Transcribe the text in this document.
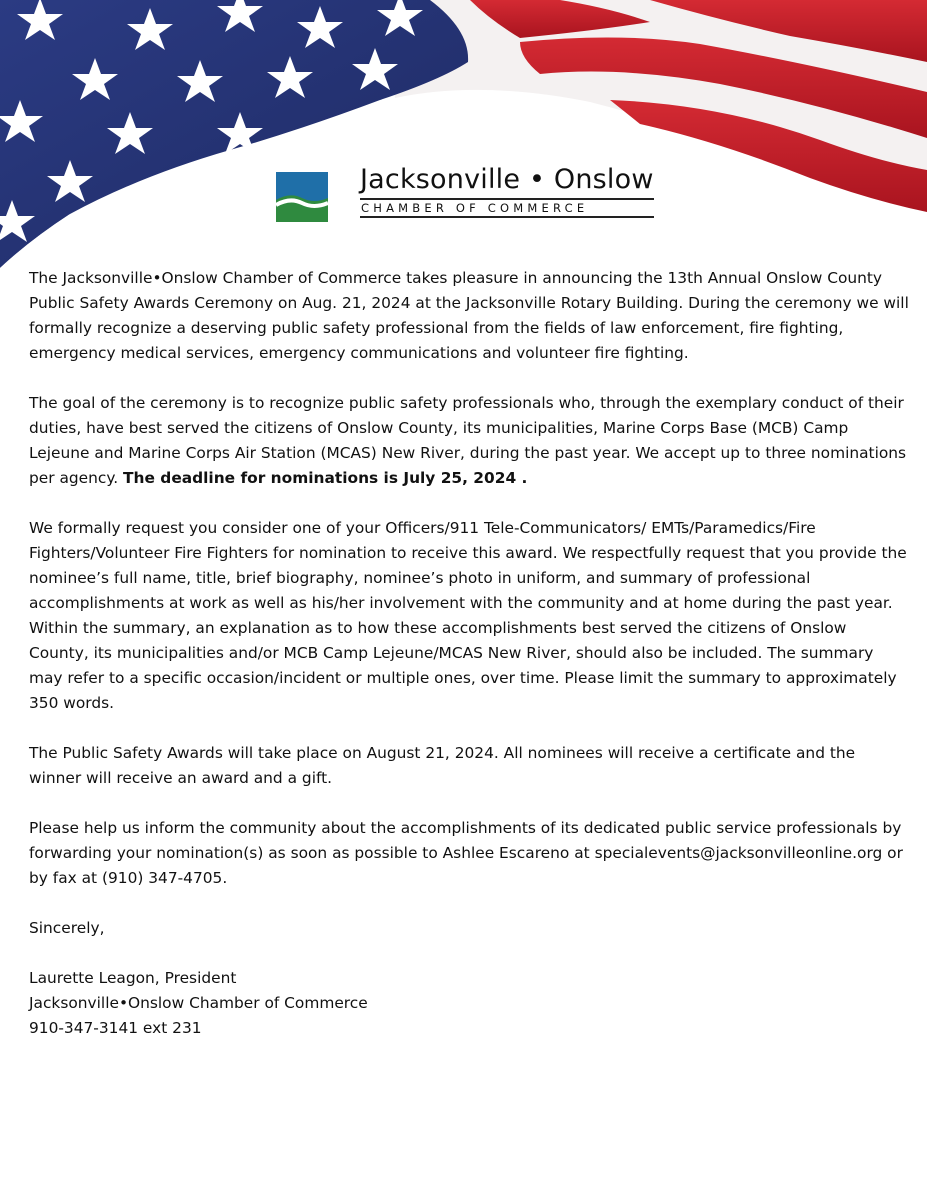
Jacksonville • Onslow
CHAMBER OF COMMERCE

The Jacksonville•Onslow Chamber of Commerce takes pleasure in announcing the 13th Annual Onslow County Public Safety Awards Ceremony on Aug. 21, 2024 at the Jacksonville Rotary Building. During the ceremony we will formally recognize a deserving public safety professional from the fields of law enforcement, fire fighting, emergency medical services, emergency communications and volunteer fire fighting.

The goal of the ceremony is to recognize public safety professionals who, through the exemplary conduct of their duties, have best served the citizens of Onslow County, its municipalities, Marine Corps Base (MCB) Camp Lejeune and Marine Corps Air Station (MCAS) New River, during the past year. We accept up to three nominations per agency. The deadline for nominations is July 25, 2024 .

We formally request you consider one of your Officers/911 Tele-Communicators/ EMTs/Paramedics/Fire Fighters/Volunteer Fire Fighters for nomination to receive this award. We respectfully request that you provide the nominee’s full name, title, brief biography, nominee’s photo in uniform, and summary of professional accomplishments at work as well as his/her involvement with the community and at home during the past year. Within the summary, an explanation as to how these accomplishments best served the citizens of Onslow County, its municipalities and/or MCB Camp Lejeune/MCAS New River, should also be included. The summary may refer to a specific occasion/incident or multiple ones, over time. Please limit the summary to approximately 350 words.

The Public Safety Awards will take place on August 21, 2024. All nominees will receive a certificate and the winner will receive an award and a gift.

Please help us inform the community about the accomplishments of its dedicated public service professionals by forwarding your nomination(s) as soon as possible to Ashlee Escareno at specialevents@jacksonvilleonline.org or by fax at (910) 347-4705.

Sincerely,

Laurette Leagon, President

Jacksonville•Onslow Chamber of Commerce

910-347-3141 ext 231
